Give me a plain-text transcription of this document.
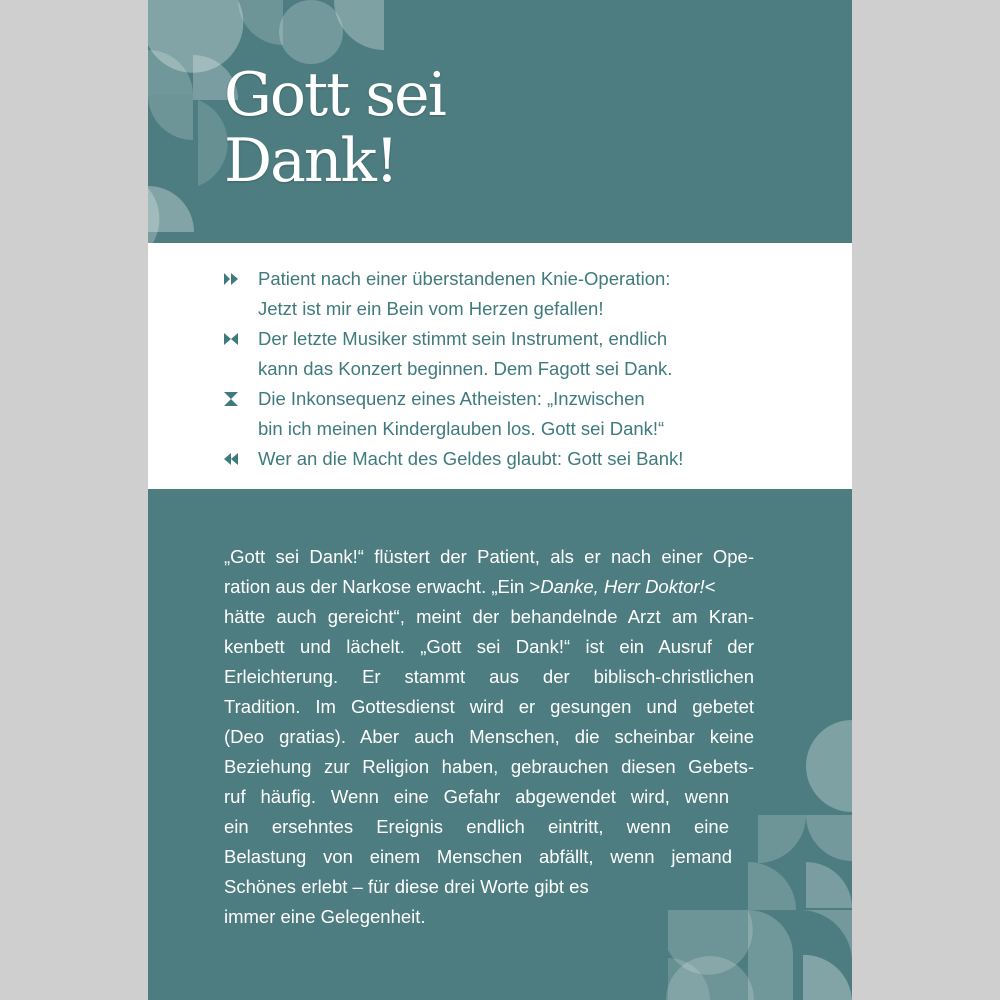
Gott sei
Dank!
Patient nach einer überstandenen Knie-Operation:
Jetzt ist mir ein Bein vom Herzen gefallen!
Der letzte Musiker stimmt sein Instrument, endlich
kann das Konzert beginnen. Dem Fagott sei Dank.
Die Inkonsequenz eines Atheisten: „Inzwischen
bin ich meinen Kinderglauben los. Gott sei Dank!“
Wer an die Macht des Geldes glaubt: Gott sei Bank!
„Gott sei Dank!“ flüstert der Patient, als er nach einer Ope-
ration aus der Narkose erwacht. „Ein >Danke, Herr Doktor!<
hätte auch gereicht“, meint der behandelnde Arzt am Kran-
kenbett und lächelt. „Gott sei Dank!“ ist ein Ausruf der
Erleichterung. Er stammt aus der biblisch-christlichen
Tradition. Im Gottesdienst wird er gesungen und gebetet
(Deo gratias). Aber auch Menschen, die scheinbar keine
Beziehung zur Religion haben, gebrauchen diesen Gebets-
ruf häufig. Wenn eine Gefahr abgewendet wird, wenn
ein ersehntes Ereignis endlich eintritt, wenn eine
Belastung von einem Menschen abfällt, wenn jemand
Schönes erlebt – für diese drei Worte gibt es
immer eine Gelegenheit.
